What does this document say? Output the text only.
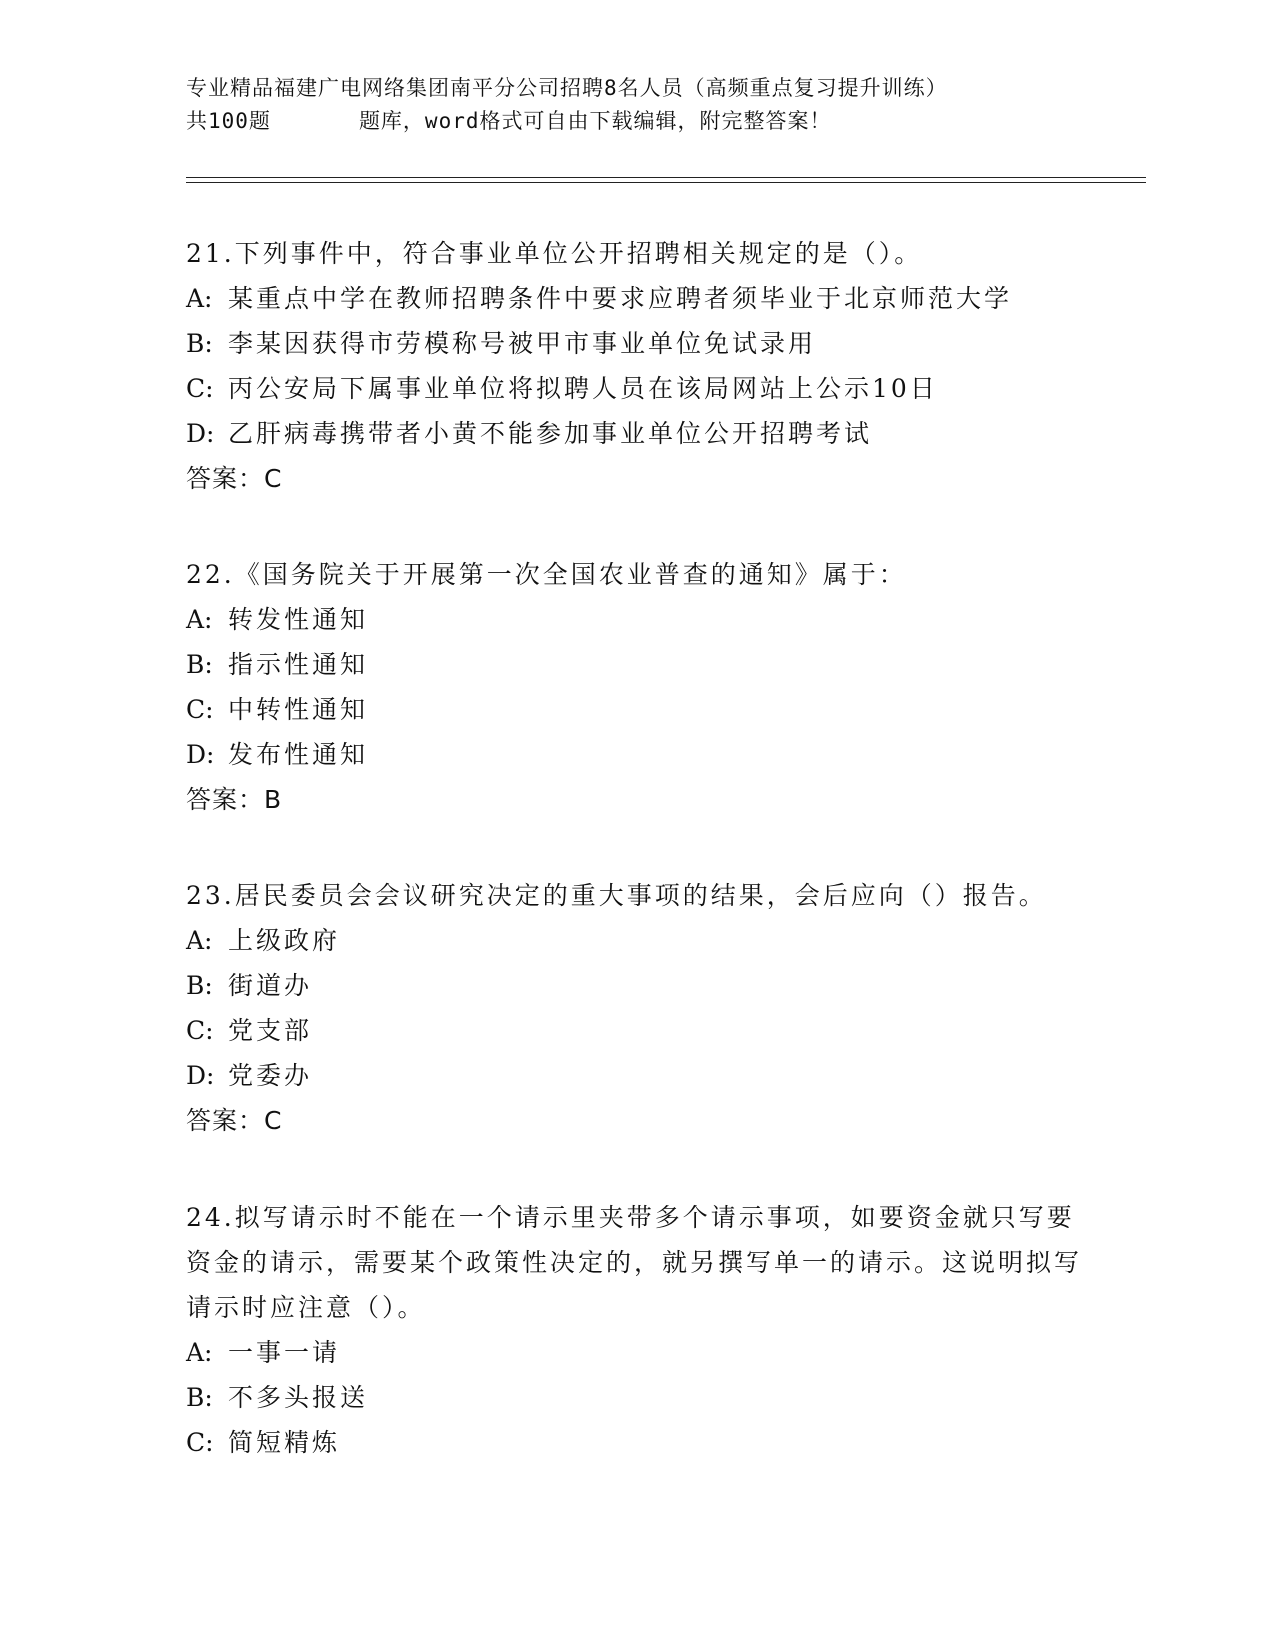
专业精品福建广电网络集团南平分公司招聘8名人员（高频重点复习提升训练）
共100题	题库，word格式可自由下载编辑，附完整答案！
21.下列事件中，符合事业单位公开招聘相关规定的是（）。
A: 某重点中学在教师招聘条件中要求应聘者须毕业于北京师范大学
B: 李某因获得市劳模称号被甲市事业单位免试录用
C: 丙公安局下属事业单位将拟聘人员在该局网站上公示10日
D: 乙肝病毒携带者小黄不能参加事业单位公开招聘考试
答案：C
22.《国务院关于开展第一次全国农业普查的通知》属于：
A: 转发性通知
B: 指示性通知
C: 中转性通知
D: 发布性通知
答案：B
23.居民委员会会议研究决定的重大事项的结果，会后应向（）报告。
A: 上级政府
B: 街道办
C: 党支部
D: 党委办
答案：C
24.拟写请示时不能在一个请示里夹带多个请示事项，如要资金就只写要资金的请示，需要某个政策性决定的，就另撰写单一的请示。这说明拟写请示时应注意（）。
A: 一事一请
B: 不多头报送
C: 简短精炼
